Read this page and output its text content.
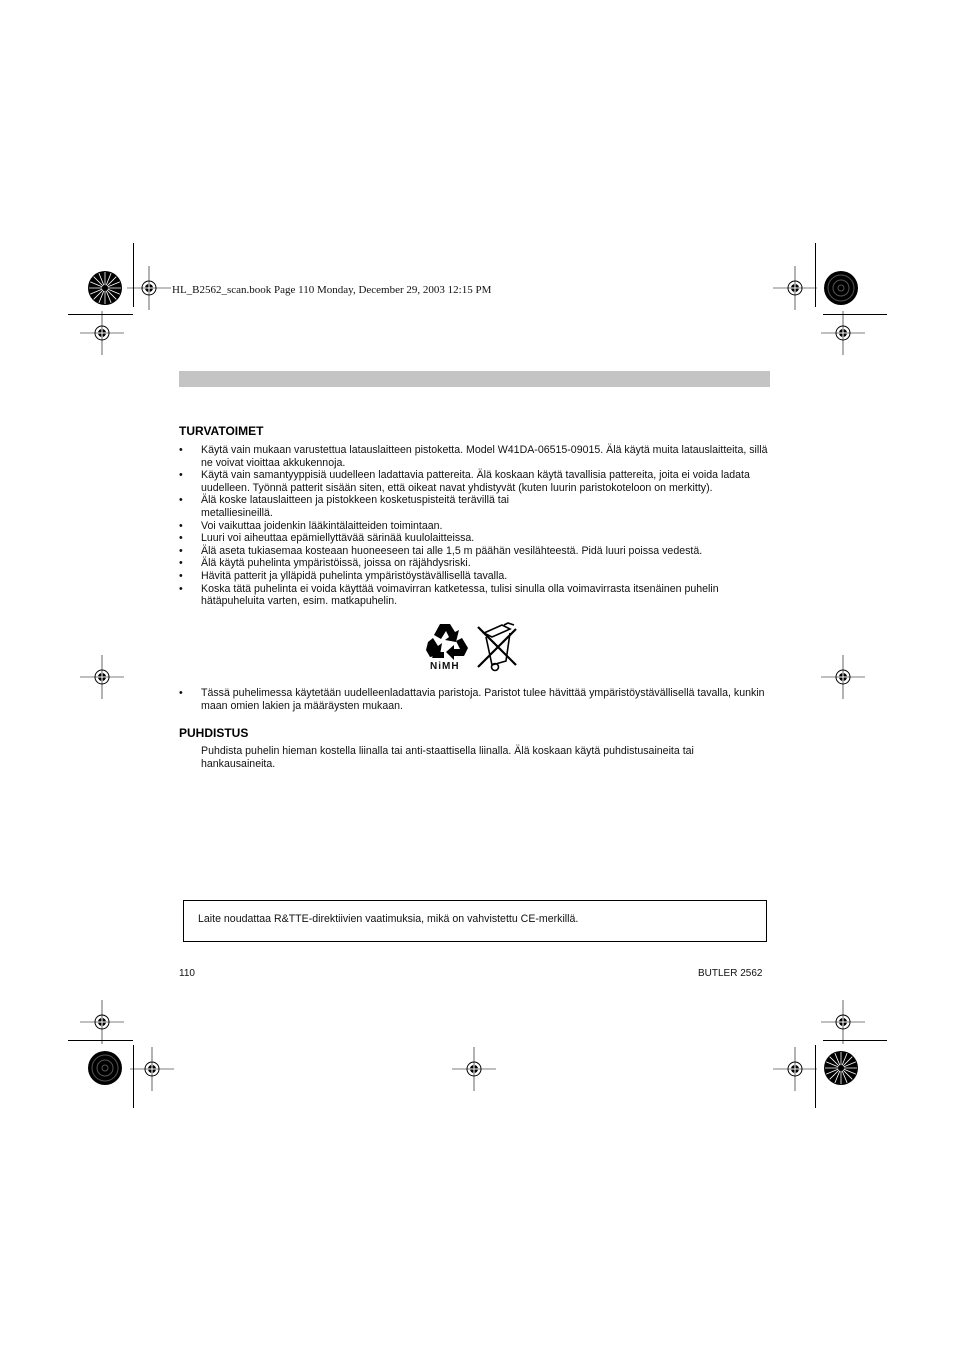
HL_B2562_scan.book Page 110 Monday, December 29, 2003 12:15 PM
TURVATOIMET
• Käytä vain mukaan varustettua latauslaitteen pistoketta. Model W41DA-06515-09015. Älä käytä muita latauslaitteita, sillä ne voivat vioittaa akkukennoja.
• Käytä vain samantyyppisiä uudelleen ladattavia pattereita. Älä koskaan käytä tavallisia pattereita, joita ei voida ladata uudelleen. Työnnä patterit sisään siten, että oikeat navat yhdistyvät (kuten luurin paristokoteloon on merkitty).
• Älä koske latauslaitteen ja pistokkeen kosketuspisteitä terävillä tai metalliesineillä.
• Voi vaikuttaa joidenkin lääkintälaitteiden toimintaan.
• Luuri voi aiheuttaa epämiellyttävää särinää kuulolaitteissa.
• Älä aseta tukiasemaa kosteaan huoneeseen tai alle 1,5 m päähän vesilähteestä. Pidä luuri poissa vedestä.
• Älä käytä puhelinta ympäristöissä, joissa on räjähdysriski.
• Hävitä patterit ja ylläpidä puhelinta ympäristöystävällisellä tavalla.
• Koska tätä puhelinta ei voida käyttää voimavirran katketessa, tulisi sinulla olla voimavirrasta itsenäinen puhelin hätäpuheluita varten, esim. matkapuhelin.
NiMH
• Tässä puhelimessa käytetään uudelleenladattavia paristoja. Paristot tulee hävittää ympäristöystävällisellä tavalla, kunkin maan omien lakien ja määräysten mukaan.
PUHDISTUS
Puhdista puhelin hieman kostella liinalla tai anti-staattisella liinalla. Älä koskaan käytä puhdistusaineita tai hankausaineita.
Laite noudattaa R&TTE-direktiivien vaatimuksia, mikä on vahvistettu CE-merkillä.
110	BUTLER 2562
